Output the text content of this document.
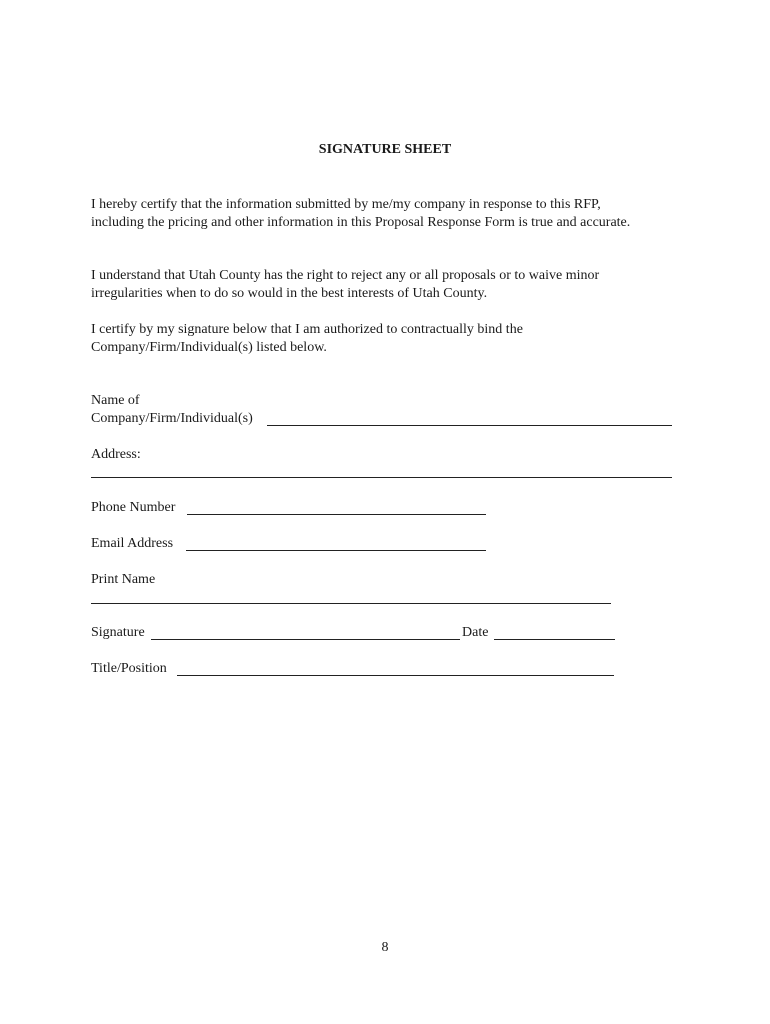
SIGNATURE SHEET
I hereby certify that the information submitted by me/my company in response to this RFP,
including the pricing and other information in this Proposal Response Form is true and accurate.
I understand that Utah County has the right to reject any or all proposals or to waive minor
irregularities when to do so would in the best interests of Utah County.
I certify by my signature below that I am authorized to contractually bind the
Company/Firm/Individual(s) listed below.
Name of
Company/Firm/Individual(s)
Address:
Phone Number
Email Address
Print Name
Signature	Date
Title/Position
8
